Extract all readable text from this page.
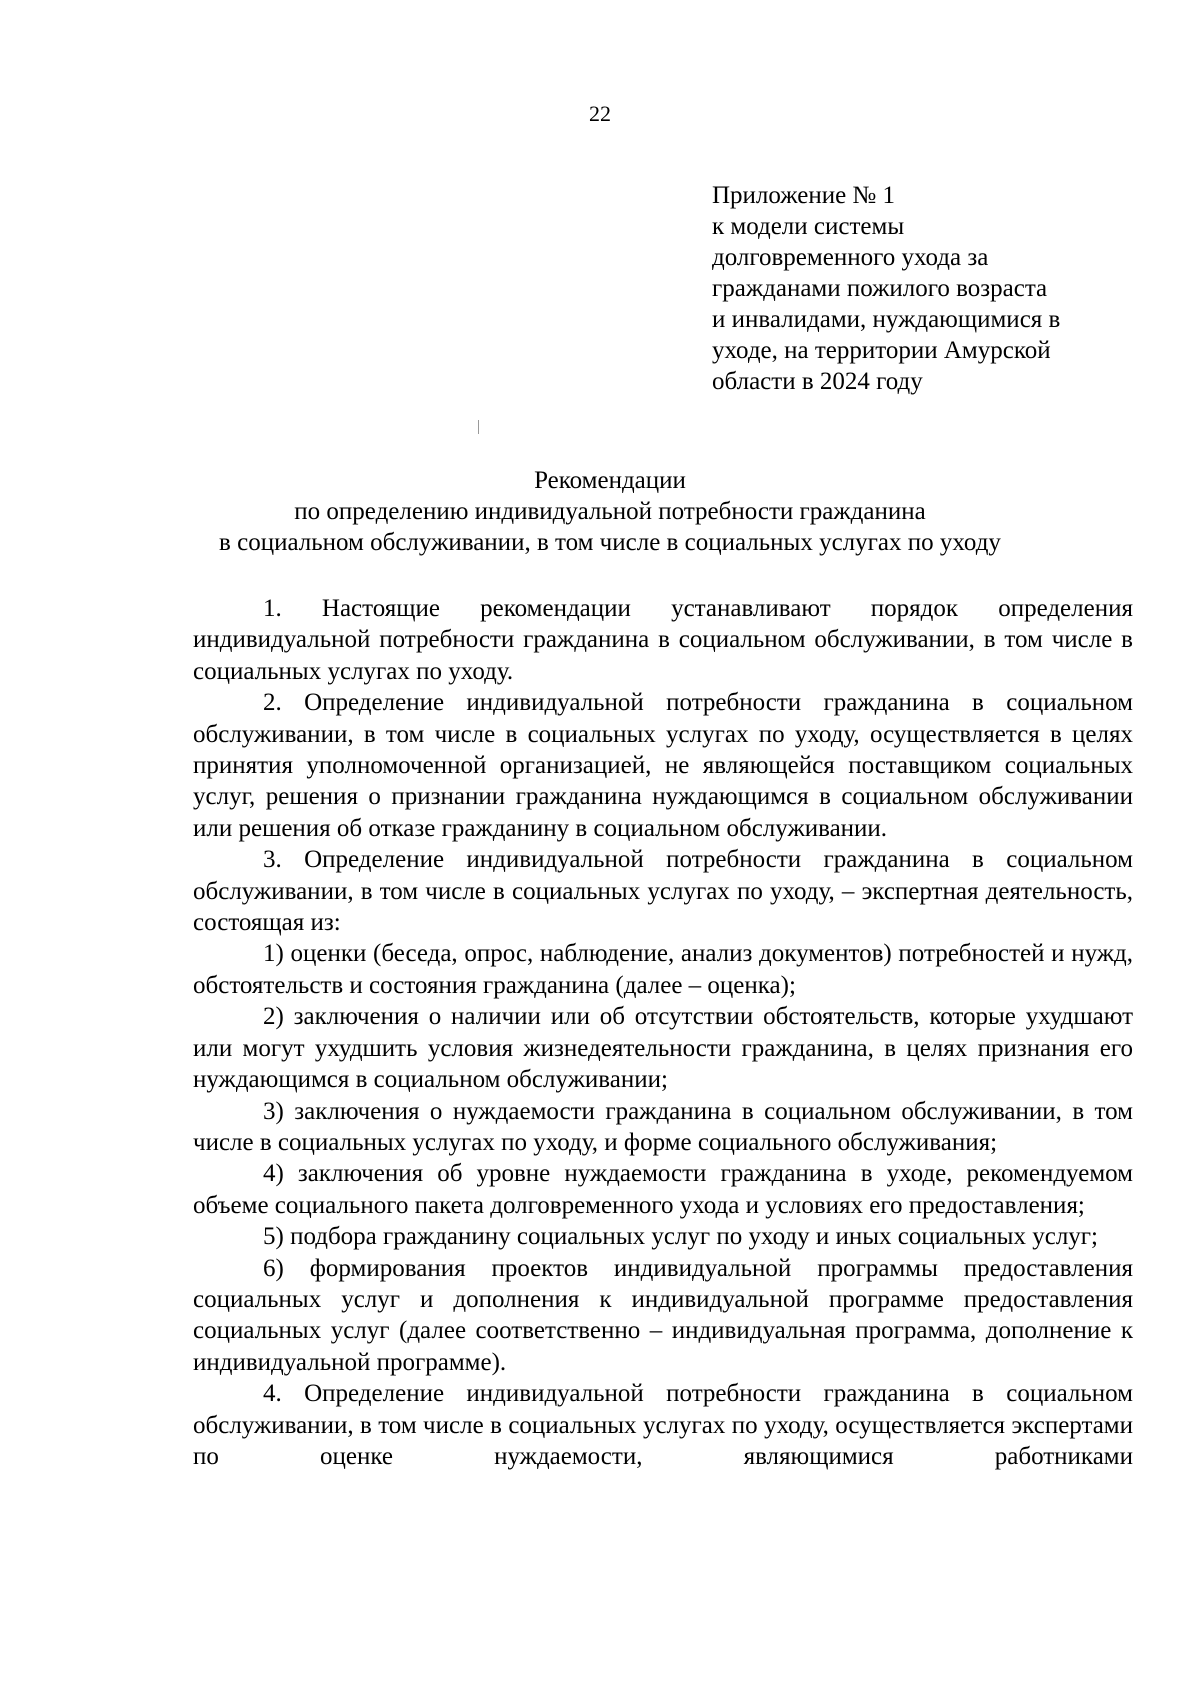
22
Приложение № 1
к модели системы
долговременного ухода за
гражданами пожилого возраста
и инвалидами, нуждающимися в
уходе, на территории Амурской
области в 2024 году
Рекомендации
по определению индивидуальной потребности гражданина
в социальном обслуживании, в том числе в социальных услугах по уходу

1. Настоящие рекомендации устанавливают порядок определения индивидуальной потребности гражданина в социальном обслуживании, в том числе в социальных услугах по уходу.

2. Определение индивидуальной потребности гражданина в социальном обслуживании, в том числе в социальных услугах по уходу, осуществляется в целях принятия уполномоченной организацией, не являющейся поставщиком социальных услуг, решения о признании гражданина нуждающимся в социальном обслуживании или решения об отказе гражданину в социальном обслуживании.

3. Определение индивидуальной потребности гражданина в социальном обслуживании, в том числе в социальных услугах по уходу, – экспертная деятельность, состоящая из:

1) оценки (беседа, опрос, наблюдение, анализ документов) потребностей и нужд, обстоятельств и состояния гражданина (далее – оценка);

2) заключения о наличии или об отсутствии обстоятельств, которые ухудшают или могут ухудшить условия жизнедеятельности гражданина, в целях признания его нуждающимся в социальном обслуживании;

3) заключения о нуждаемости гражданина в социальном обслуживании, в том числе в социальных услугах по уходу, и форме социального обслуживания;

4) заключения об уровне нуждаемости гражданина в уходе, рекомендуемом объеме социального пакета долговременного ухода и условиях его предоставления;

5) подбора гражданину социальных услуг по уходу и иных социальных услуг;

6) формирования проектов индивидуальной программы предоставления социальных услуг и дополнения к индивидуальной программе предоставления социальных услуг (далее соответственно – индивидуальная программа, дополнение к индивидуальной программе).

4. Определение индивидуальной потребности гражданина в социальном обслуживании, в том числе в социальных услугах по уходу, осуществляется экспертами по оценке нуждаемости, являющимися работниками
